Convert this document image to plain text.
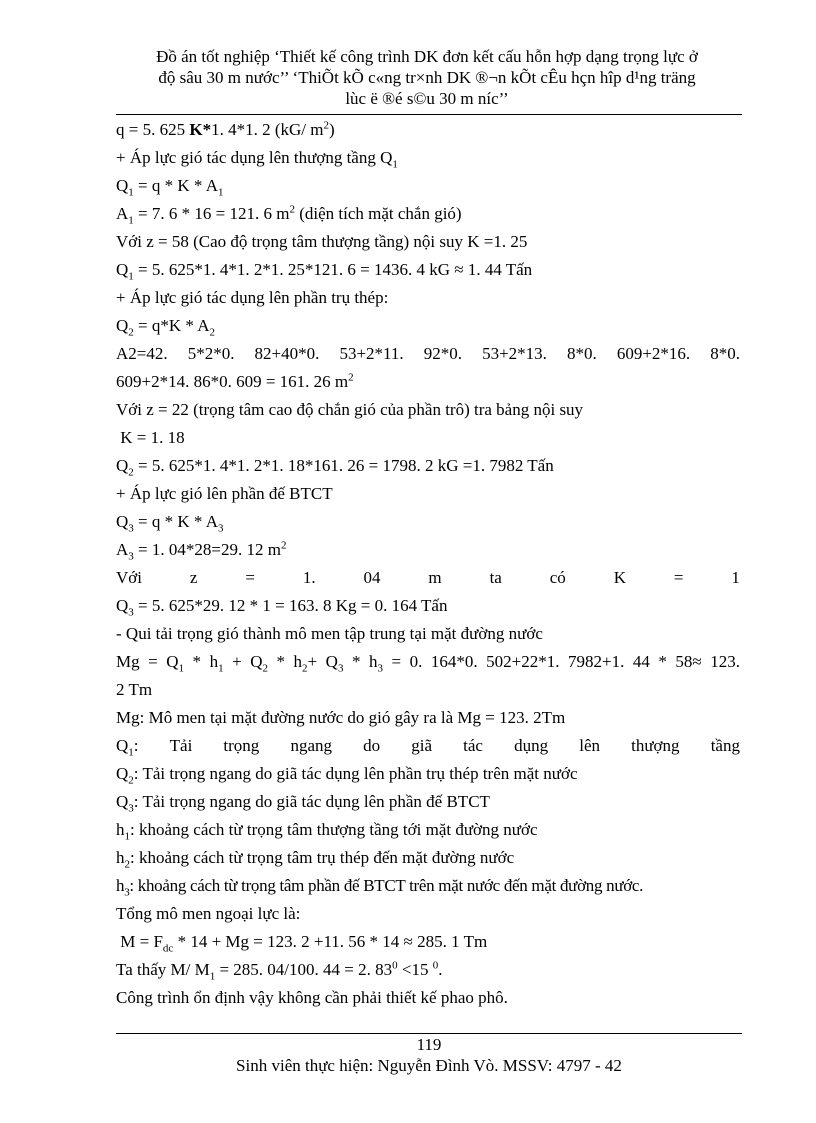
Đồ án tốt nghiệp ‘Thiết kế công trình DK đơn kết cấu hỗn hợp dạng trọng lực ở
độ sâu 30 m nước’’ ‘ThiÕt kÕ c«ng tr×nh DK ®¬n kÕt cÊu hçn hîp d¹ng träng
lùc ë ®é s©u 30 m níc’’
q = 5. 625 K*1. 4*1. 2 (kG/ $m^2$)
+ Áp lực gió tác dụng lên thượng tầng $Q_1$
$Q_1 = q * K * A_1$
$A_1 = 7$. 6 * 16 = 121. 6 $m^2$ (diện tích mặt chắn gió)
Với z = 58 (Cao độ trọng tâm thượng tầng) nội suy K =1. 25
$Q_1 = 5$. 625*1. 4*1. 2*1. 25*121. 6 = 1436. 4 kG ≈ 1. 44 Tấn
+ Áp lực gió tác dụng lên phần trụ thép:
$Q_2 = q*K * A_2$
A2=42. 5*2*0. 82+40*0. 53+2*11. 92*0. 53+2*13. 8*0. 609+2*16. 8*0.
609+2*14. 86*0. 609 = 161. 26 $m^2$
Với z = 22 (trọng tâm cao độ chắn gió của phần trô) tra bảng nội suy
K = 1. 18
$Q_2 = 5$. 625*1. 4*1. 2*1. 18*161. 26 = 1798. 2 kG =1. 7982 Tấn
+ Áp lực gió lên phần đế BTCT
$Q_3 = q * K * A_3$
$A_3 = 1$. 04*28=29. 12 $m^2$
Với	z	=	1.	04	m	ta	có	K	=	1
$Q_3 = 5$. 625*29. 12 * 1 = 163. 8 Kg = 0. 164 Tấn
- Qui tải trọng gió thành mô men tập trung tại mặt đường nước
$Mg = Q_1 * h_1 + Q_2 * h_2+ Q_3 * h_3 = 0$. 164*0. 502+22*1. 7982+1. 44 * 58≈ 123.
2 Tm
Mg: Mô men tại mặt đường nước do gió gây ra là Mg = 123. 2Tm
$Q_1$: Tải trọng ngang do giã tác dụng lên thượng tầng
$Q_2$: Tải trọng ngang do giã tác dụng lên phần trụ thép trên mặt nước
$Q_3$: Tải trọng ngang do giã tác dụng lên phần đế BTCT
$h_1$: khoảng cách từ trọng tâm thượng tầng tới mặt đường nước
$h_2$: khoảng cách từ trọng tâm trụ thép đến mặt đường nước
$h_3$: khoảng cách từ trọng tâm phần đế BTCT trên mặt nước đến mặt đường nước.
Tổng mô men ngoại lực là:
$M = F_{dc} * 14 + Mg = 123$. 2 +11. 56 * 14 ≈ 285. 1 Tm
Ta thấy M/ $M_1 = 285$. 04/100. 44 = 2. $83^0 <15$ $^0$.
Công trình ổn định vậy không cần phải thiết kế phao phô.
119
Sinh viên thực hiện: Nguyễn Đình Vò. MSSV: 4797 - 42
